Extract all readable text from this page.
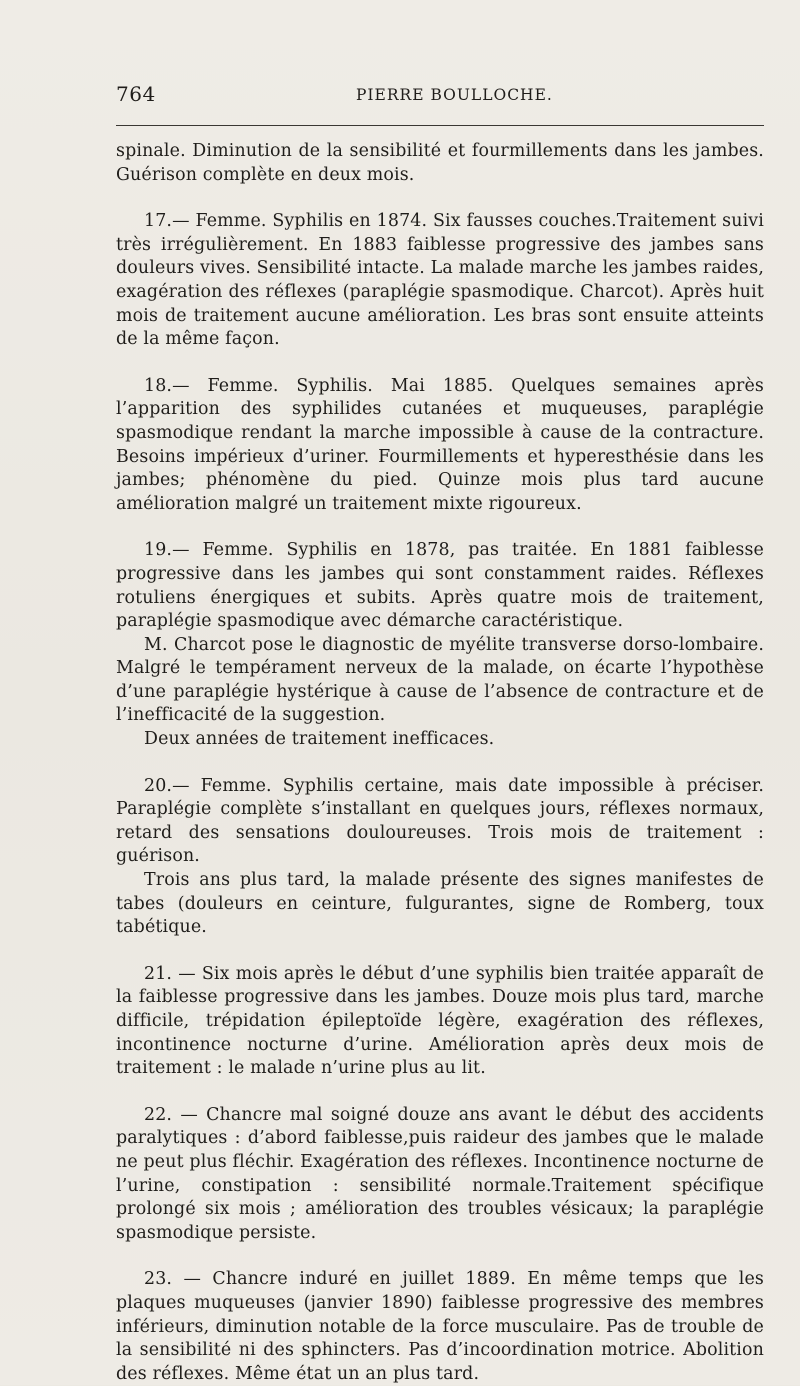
764	PIERRE BOULLOCHE.

spinale. Diminution de la sensibilité et fourmillements dans les jambes. Guérison complète en deux mois.

17.— Femme. Syphilis en 1874. Six fausses couches.Traitement suivi très irrégulièrement. En 1883 faiblesse progressive des jambes sans douleurs vives. Sensibilité intacte. La malade marche les jambes raides, exagération des réflexes (paraplégie spasmodique. Charcot). Après huit mois de traitement aucune amélioration. Les bras sont ensuite atteints de la même façon.

18.— Femme. Syphilis. Mai 1885. Quelques semaines après l’apparition des syphilides cutanées et muqueuses, paraplégie spasmodique rendant la marche impossible à cause de la contracture. Besoins impérieux d’uriner. Fourmillements et hyperesthésie dans les jambes; phénomène du pied. Quinze mois plus tard aucune amélioration malgré un traitement mixte rigoureux.

19.— Femme. Syphilis en 1878, pas traitée. En 1881 faiblesse progressive dans les jambes qui sont constamment raides. Réflexes rotuliens énergiques et subits. Après quatre mois de traitement, paraplégie spasmodique avec démarche caractéristique.

M. Charcot pose le diagnostic de myélite transverse dorso-lombaire. Malgré le tempérament nerveux de la malade, on écarte l’hypothèse d’une paraplégie hystérique à cause de l’absence de contracture et de l’inefficacité de la suggestion.

Deux années de traitement inefficaces.

20.— Femme. Syphilis certaine, mais date impossible à préciser. Paraplégie complète s’installant en quelques jours, réflexes normaux, retard des sensations douloureuses. Trois mois de traitement : guérison.

Trois ans plus tard, la malade présente des signes manifestes de tabes (douleurs en ceinture, fulgurantes, signe de Romberg, toux tabétique.

21. — Six mois après le début d’une syphilis bien traitée apparaît de la faiblesse progressive dans les jambes. Douze mois plus tard, marche difficile, trépidation épileptoïde légère, exagération des réflexes, incontinence nocturne d’urine. Amélioration après deux mois de traitement : le malade n’urine plus au lit.

22. — Chancre mal soigné douze ans avant le début des accidents paralytiques : d’abord faiblesse,puis raideur des jambes que le malade ne peut plus fléchir. Exagération des réflexes. Incontinence nocturne de l’urine, constipation : sensibilité normale.Traitement spécifique prolongé six mois ; amélioration des troubles vésicaux; la paraplégie spasmodique persiste.

23. — Chancre induré en juillet 1889. En même temps que les plaques muqueuses (janvier 1890) faiblesse progressive des membres inférieurs, diminution notable de la force musculaire. Pas de trouble de la sensibilité ni des sphincters. Pas d’incoordination motrice. Abolition des réflexes. Même état un an plus tard.
